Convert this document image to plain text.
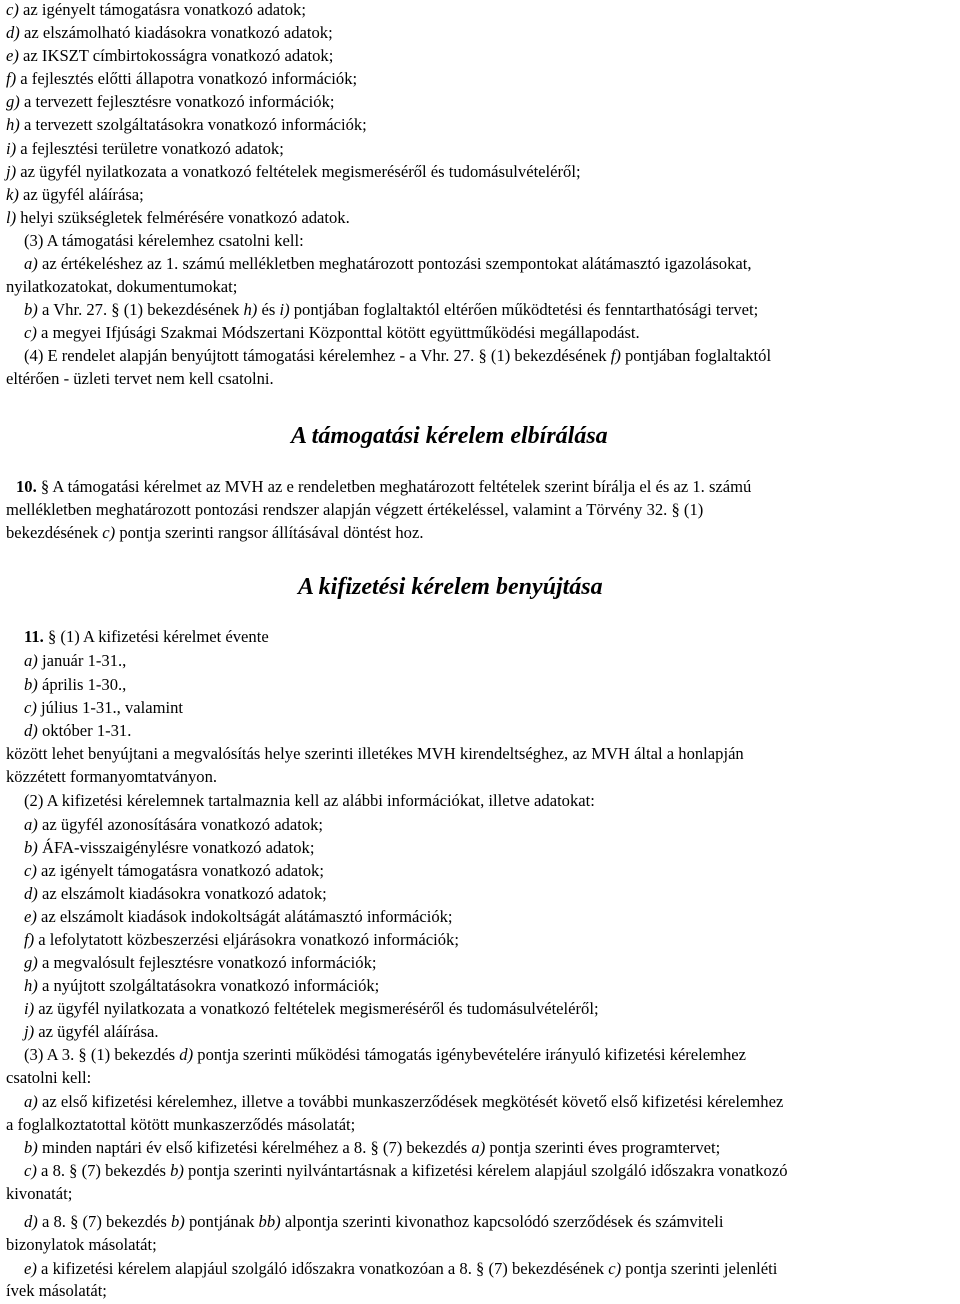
c) az igényelt támogatásra vonatkozó adatok;
d) az elszámolható kiadásokra vonatkozó adatok;
e) az IKSZT címbirtokosságra vonatkozó adatok;
f) a fejlesztés előtti állapotra vonatkozó információk;
g) a tervezett fejlesztésre vonatkozó információk;
h) a tervezett szolgáltatásokra vonatkozó információk;
i) a fejlesztési területre vonatkozó adatok;
j) az ügyfél nyilatkozata a vonatkozó feltételek megismeréséről és tudomásulvételéről;
k) az ügyfél aláírása;
l) helyi szükségletek felmérésére vonatkozó adatok.
(3) A támogatási kérelemhez csatolni kell:
a) az értékeléshez az 1. számú mellékletben meghatározott pontozási szempontokat alátámasztó igazolásokat,
nyilatkozatokat, dokumentumokat;
b) a Vhr. 27. § (1) bekezdésének h) és i) pontjában foglaltaktól eltérően működtetési és fenntarthatósági tervet;
c) a megyei Ifjúsági Szakmai Módszertani Központtal kötött együttműködési megállapodást.
(4) E rendelet alapján benyújtott támogatási kérelemhez - a Vhr. 27. § (1) bekezdésének f) pontjában foglaltaktól
eltérően - üzleti tervet nem kell csatolni.
A támogatási kérelem elbírálása
10. § A támogatási kérelmet az MVH az e rendeletben meghatározott feltételek szerint bírálja el és az 1. számú
mellékletben meghatározott pontozási rendszer alapján végzett értékeléssel, valamint a Törvény 32. § (1)
bekezdésének c) pontja szerinti rangsor állításával döntést hoz.
A kifizetési kérelem benyújtása
11. § (1) A kifizetési kérelmet évente
a) január 1-31.,
b) április 1-30.,
c) július 1-31., valamint
d) október 1-31.
között lehet benyújtani a megvalósítás helye szerinti illetékes MVH kirendeltséghez, az MVH által a honlapján
közzétett formanyomtatványon.
(2) A kifizetési kérelemnek tartalmaznia kell az alábbi információkat, illetve adatokat:
a) az ügyfél azonosítására vonatkozó adatok;
b) ÁFA-visszaigénylésre vonatkozó adatok;
c) az igényelt támogatásra vonatkozó adatok;
d) az elszámolt kiadásokra vonatkozó adatok;
e) az elszámolt kiadások indokoltságát alátámasztó információk;
f) a lefolytatott közbeszerzési eljárásokra vonatkozó információk;
g) a megvalósult fejlesztésre vonatkozó információk;
h) a nyújtott szolgáltatásokra vonatkozó információk;
i) az ügyfél nyilatkozata a vonatkozó feltételek megismeréséről és tudomásulvételéről;
j) az ügyfél aláírása.
(3) A 3. § (1) bekezdés d) pontja szerinti működési támogatás igénybevételére irányuló kifizetési kérelemhez
csatolni kell:
a) az első kifizetési kérelemhez, illetve a további munkaszerződések megkötését követő első kifizetési kérelemhez
a foglalkoztatottal kötött munkaszerződés másolatát;
b) minden naptári év első kifizetési kérelméhez a 8. § (7) bekezdés a) pontja szerinti éves programtervet;
c) a 8. § (7) bekezdés b) pontja szerinti nyilvántartásnak a kifizetési kérelem alapjául szolgáló időszakra vonatkozó
kivonatát;
d) a 8. § (7) bekezdés b) pontjának bb) alpontja szerinti kivonathoz kapcsolódó szerződések és számviteli
bizonylatok másolatát;
e) a kifizetési kérelem alapjául szolgáló időszakra vonatkozóan a 8. § (7) bekezdésének c) pontja szerinti jelenléti
ívek másolatát;
